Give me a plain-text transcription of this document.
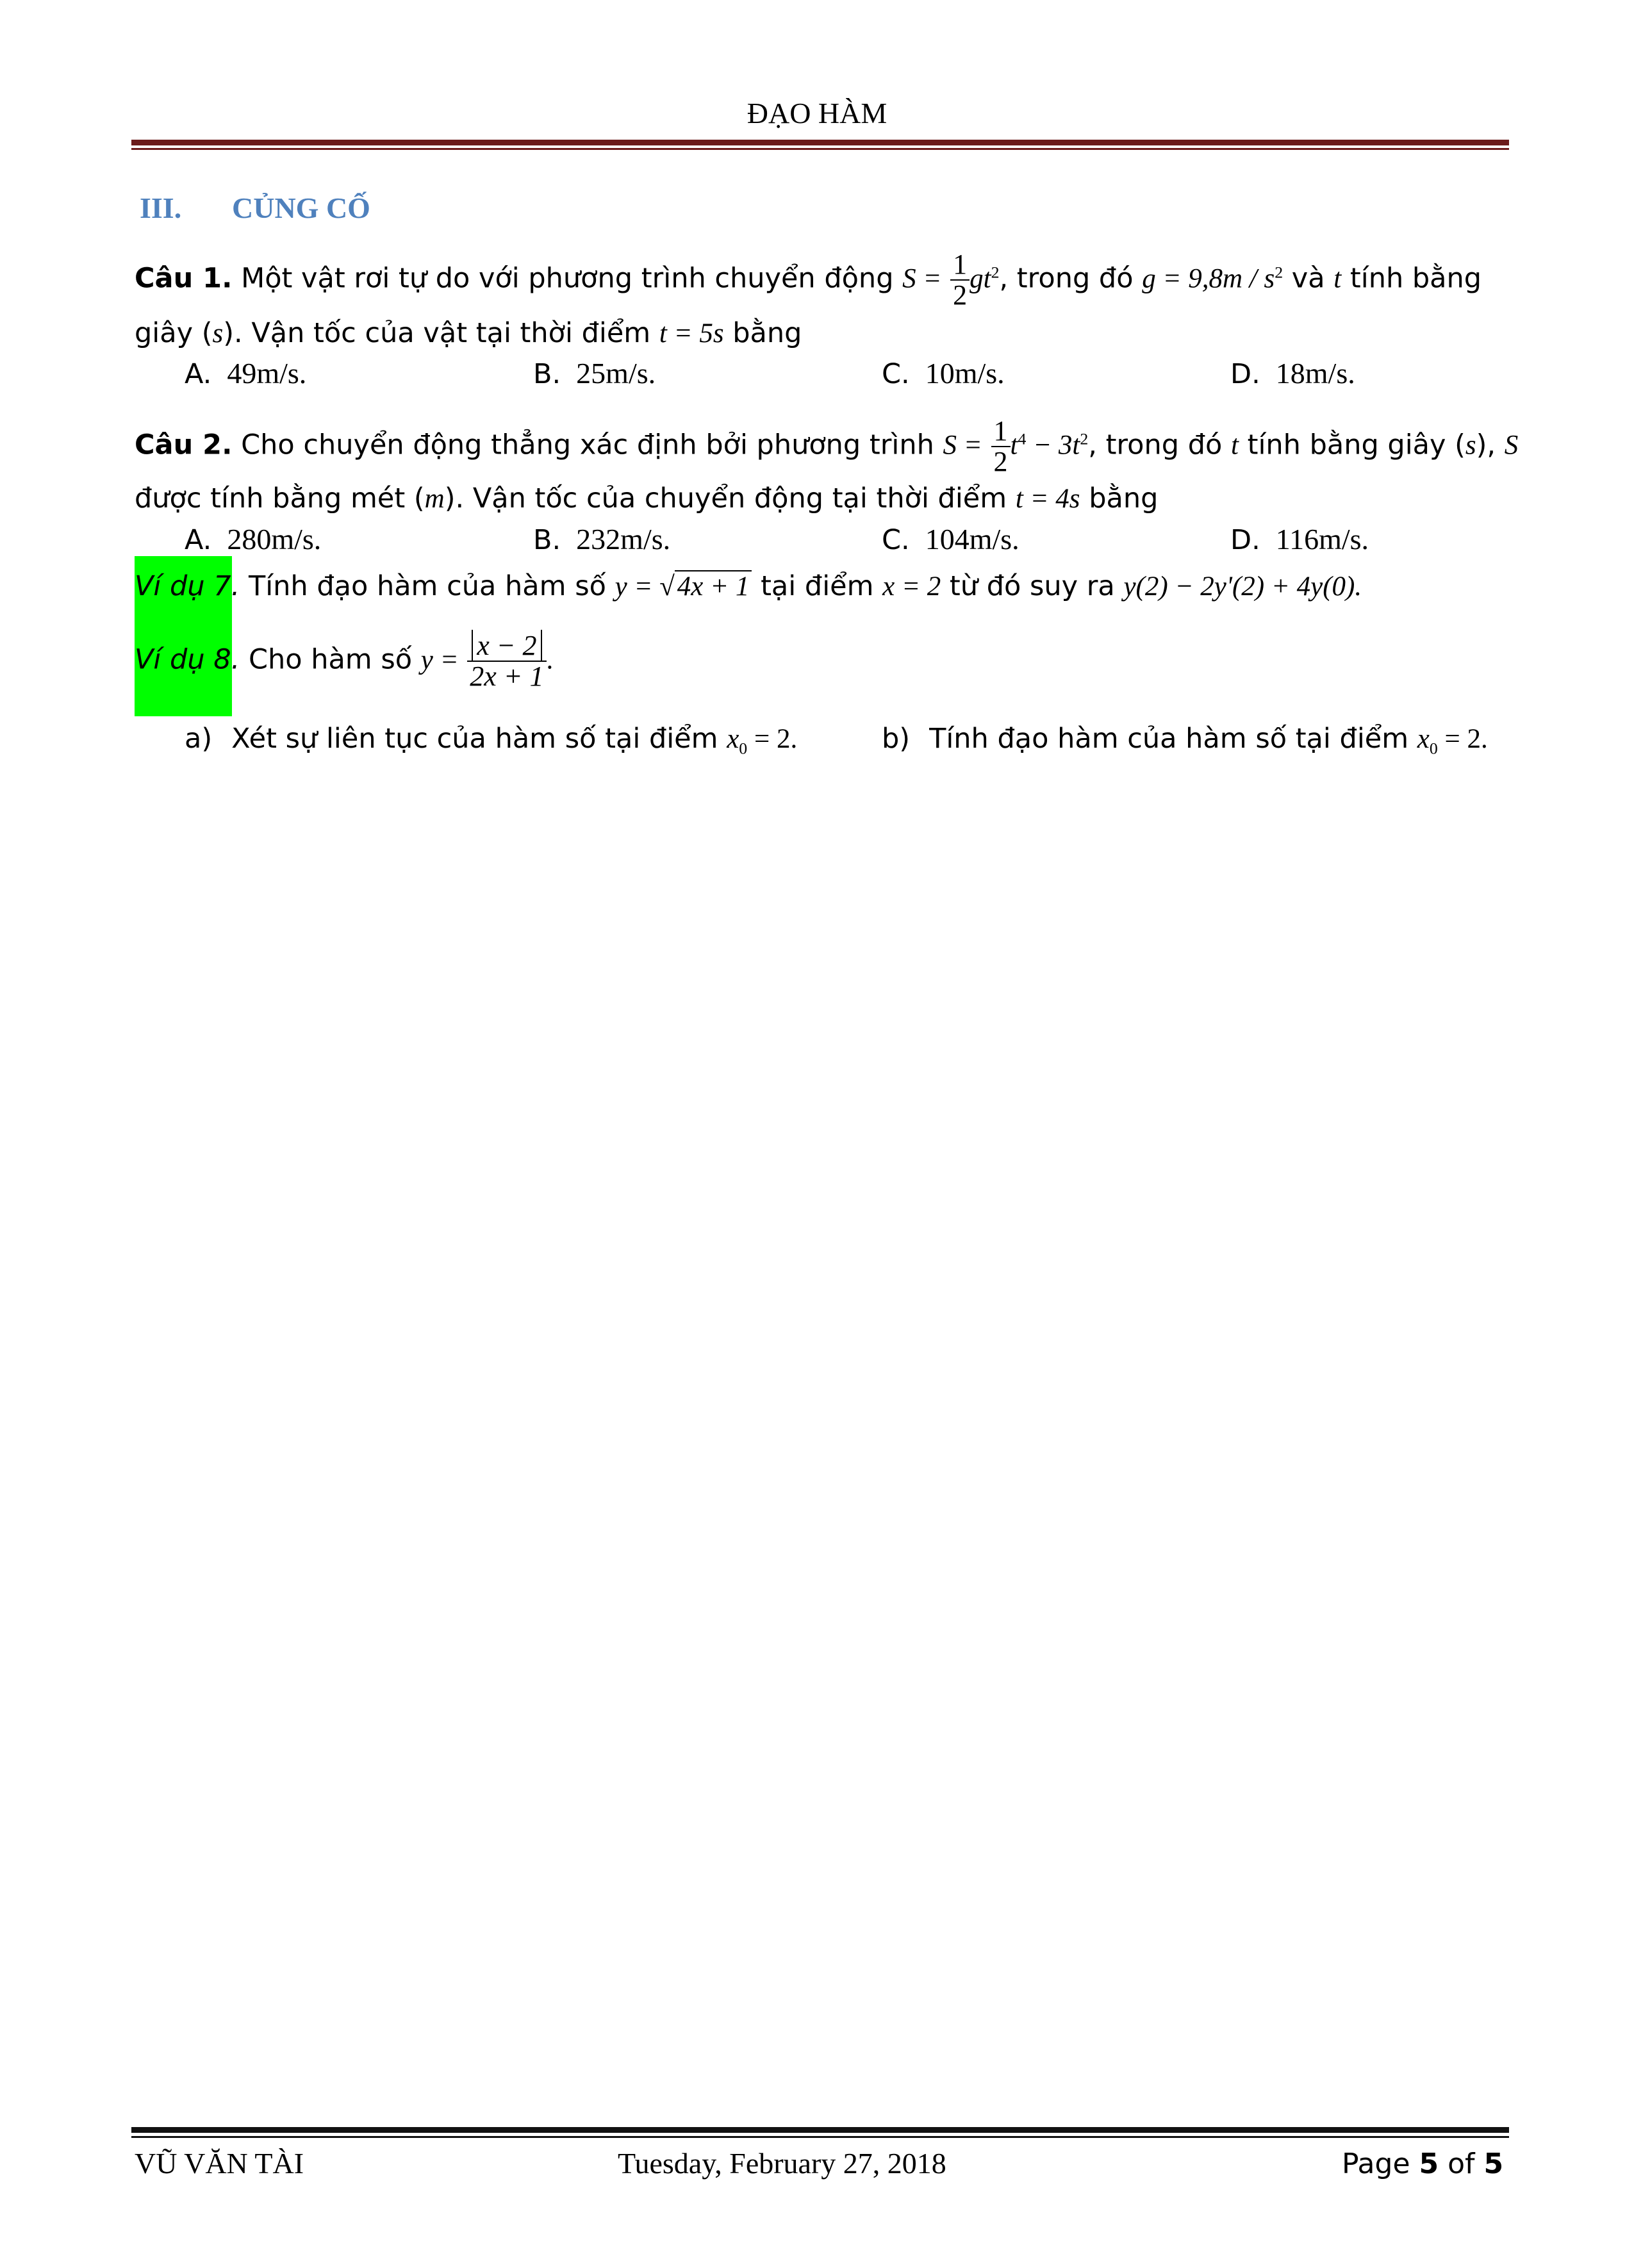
ĐẠO HÀM
III. CỦNG CỐ
Câu 1. Một vật rơi tự do với phương trình chuyển động $S = \frac{1}{2} gt^2$, trong đó $g = 9,8m / s^2$ và t tính bằng
giây (s). Vận tốc của vật tại thời điểm t = 5s bằng
A. 49m/s.	B. 25m/s.	C. 10m/s.	D. 18m/s.
Câu 2. Cho chuyển động thẳng xác định bởi phương trình $S = \frac{1}{2} t^4 - 3t^2$, trong đó t tính bằng giây (s), S
được tính bằng mét (m). Vận tốc của chuyển động tại thời điểm t = 4s bằng
A. 280m/s.	B. 232m/s.	C. 104m/s.	D. 116m/s.
Ví dụ 7. Tính đạo hàm của hàm số y = √4x + 1 tại điểm x = 2 từ đó suy ra y(2) − 2y'(2) + 4y(0).
Ví dụ 8. Cho hàm số $y = \frac{x - 2}{2x + 1}$ .
a) Xét sự liên tục của hàm số tại điểm $x_0 = 2$.	b) Tính đạo hàm của hàm số tại điểm $x_0 = 2$.
VŨ VĂN TÀI	Tuesday, February 27, 2018	Page 5 of 5
